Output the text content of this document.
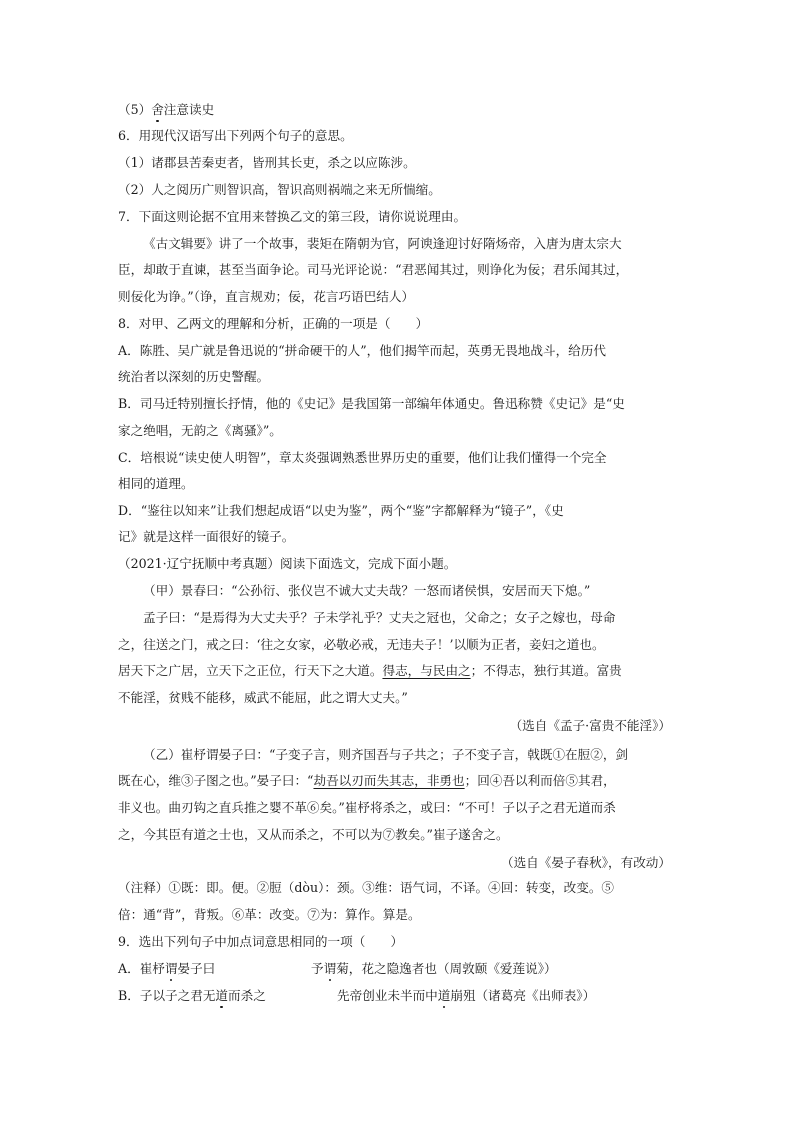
（5）舍注意读史
6．用现代汉语写出下列两个句子的意思。
（1）诸郡县苦秦吏者，皆刑其长吏，杀之以应陈涉。
（2）人之阅历广则智识高，智识高则祸端之来无所惴缩。
7．下面这则论据不宜用来替换乙文的第三段，请你说说理由。
《古文辑要》讲了一个故事，裴矩在隋朝为官，阿谀逢迎讨好隋炀帝，入唐为唐太宗大
臣，却敢于直谏，甚至当面争论。司马光评论说：“君恶闻其过，则诤化为佞；君乐闻其过，
则佞化为诤。”（诤，直言规劝；佞，花言巧语巴结人）
8．对甲、乙两文的理解和分析，正确的一项是（　　）
A．陈胜、吴广就是鲁迅说的“拼命硬干的人”，他们揭竿而起，英勇无畏地战斗，给历代
统治者以深刻的历史警醒。
B．司马迁特别擅长抒情，他的《史记》是我国第一部编年体通史。鲁迅称赞《史记》是“史
家之绝唱，无韵之《离骚》”。
C．培根说“读史使人明智”，章太炎强调熟悉世界历史的重要，他们让我们懂得一个完全
相同的道理。
D．“鉴往以知来”让我们想起成语“以史为鉴”，两个“鉴”字都解释为“镜子”，《史
记》就是这样一面很好的镜子。
（2021·辽宁抚顺中考真题）阅读下面选文，完成下面小题。
（甲）景春曰：“公孙衍、张仪岂不诚大丈夫哉？一怒而诸侯惧，安居而天下熄。”
孟子曰：“是焉得为大丈夫乎？子未学礼乎？丈夫之冠也，父命之；女子之嫁也，母命
之，往送之门，戒之曰：‘往之女家，必敬必戒，无违夫子！’以顺为正者，妾妇之道也。
居天下之广居，立天下之正位，行天下之大道。得志，与民由之；不得志，独行其道。富贵
不能淫，贫贱不能移，威武不能屈，此之谓大丈夫。”
（选自《孟子·富贵不能淫》）
（乙）崔杼谓晏子曰：“子变子言，则齐国吾与子共之；子不变子言，戟既①在脰②，剑
既在心，维③子图之也。”晏子曰：“劫吾以刃而失其志，非勇也；回④吾以利而倍⑤其君，
非义也。曲刃钩之直兵推之婴不革⑥矣。”崔杼将杀之，或曰：“不可！子以子之君无道而杀
之，今其臣有道之士也，又从而杀之，不可以为⑦教矣。”崔子遂舍之。
（选自《晏子春秋》，有改动）
（注释）①既：即。便。②脰（dòu）：颈。③维：语气词，不译。④回：转变，改变。⑤
倍：通“背”，背叛。⑥革：改变。⑦为：算作。算是。
9．选出下列句子中加点词意思相同的一项（　　）
A．崔杼谓晏子曰	予谓菊，花之隐逸者也（周敦颐《爱莲说》）
B．子以子之君无道而杀之	先帝创业未半而中道崩殂（诸葛亮《出师表》）
